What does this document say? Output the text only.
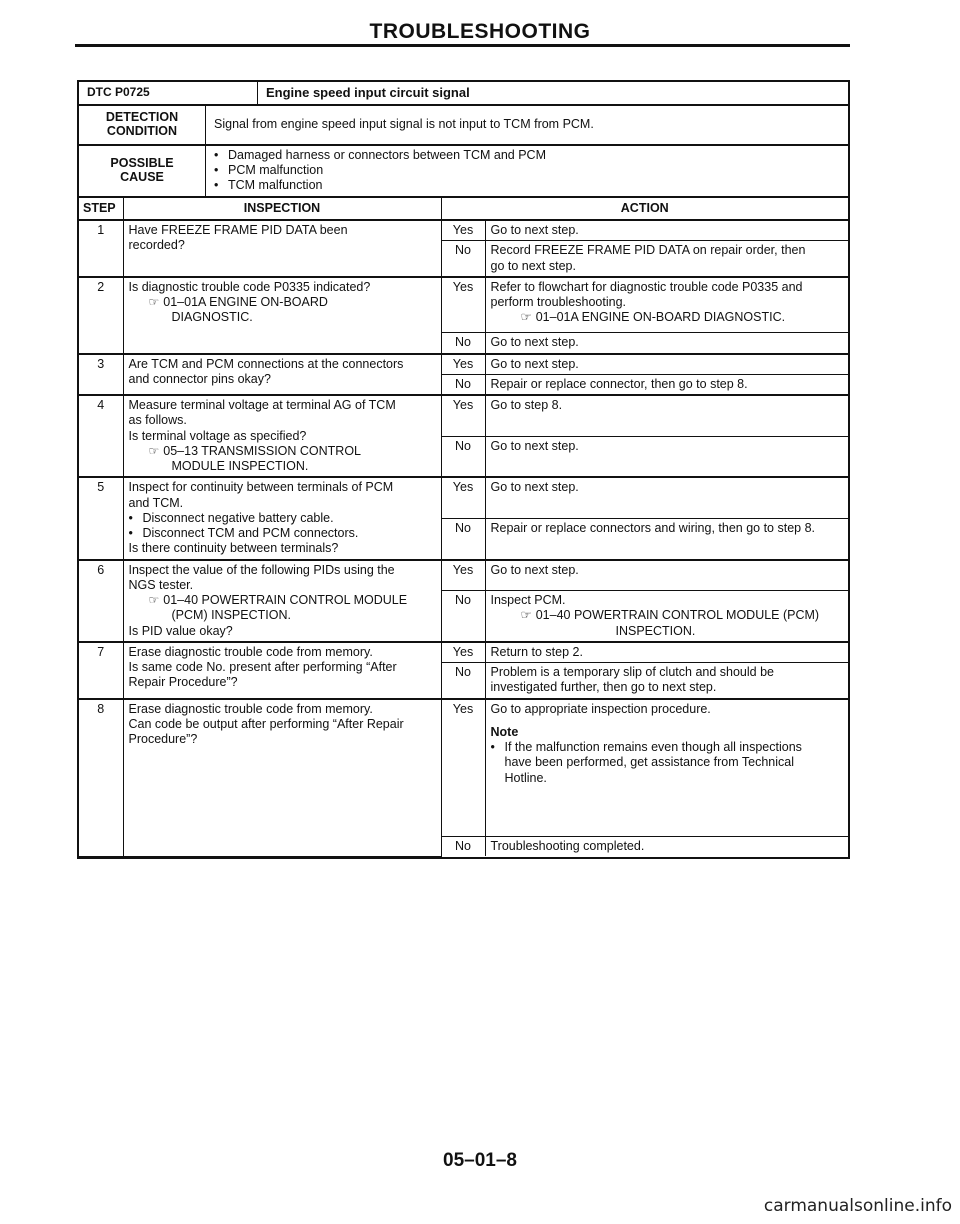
TROUBLESHOOTING
DTC P0725	Engine speed input circuit signal
DETECTION
CONDITION	Signal from engine speed input signal is not input to TCM from PCM.
POSSIBLE
CAUSE
• Damaged harness or connectors between TCM and PCM
• PCM malfunction
• TCM malfunction
STEP	INSPECTION	ACTION	
1	Have FREEZE FRAME PID DATA been
recorded?	Yes	Go to next step.
		No	Record FREEZE FRAME PID DATA on repair order, then
go to next step.

2	Is diagnostic trouble code P0335 indicated?
☞ 01–01A ENGINE ON-BOARD
DIAGNOSTIC.	Yes	Refer to flowchart for diagnostic trouble code P0335 and
perform troubleshooting.
☞ 01–01A ENGINE ON-BOARD DIAGNOSTIC.

		No	Go to next step.
3	Are TCM and PCM connections at the connectors
and connector pins okay?	Yes	Go to next step.
		No	Repair or replace connector, then go to step 8.
4	Measure terminal voltage at terminal AG of TCM
as follows.
Is terminal voltage as specified?
☞ 05–13 TRANSMISSION CONTROL
MODULE INSPECTION.	Yes	Go to step 8.
		No	Go to next step.
5	Inspect for continuity between terminals of PCM
and TCM.
• Disconnect negative battery cable.
• Disconnect TCM and PCM connectors.
Is there continuity between terminals?	Yes	Go to next step.
		No	Repair or replace connectors and wiring, then go to step 8.
6	Inspect the value of the following PIDs using the
NGS tester.
☞ 01–40 POWERTRAIN CONTROL MODULE
(PCM) INSPECTION.
Is PID value okay?	Yes	Go to next step.
		No	Inspect PCM.
☞ 01–40 POWERTRAIN CONTROL MODULE (PCM)
INSPECTION.

7	Erase diagnostic trouble code from memory.
Is same code No. present after performing “After
Repair Procedure”?	Yes	Return to step 2.
		No	Problem is a temporary slip of clutch and should be
investigated further, then go to next step.

8	Erase diagnostic trouble code from memory.
Can code be output after performing “After Repair
Procedure”?	Yes	Go to appropriate inspection procedure.
Note
• If the malfunction remains even though all inspections
have been performed, get assistance from Technical
Hotline.

		No	Troubleshooting completed.
05–01–8
carmanualsonline.info
